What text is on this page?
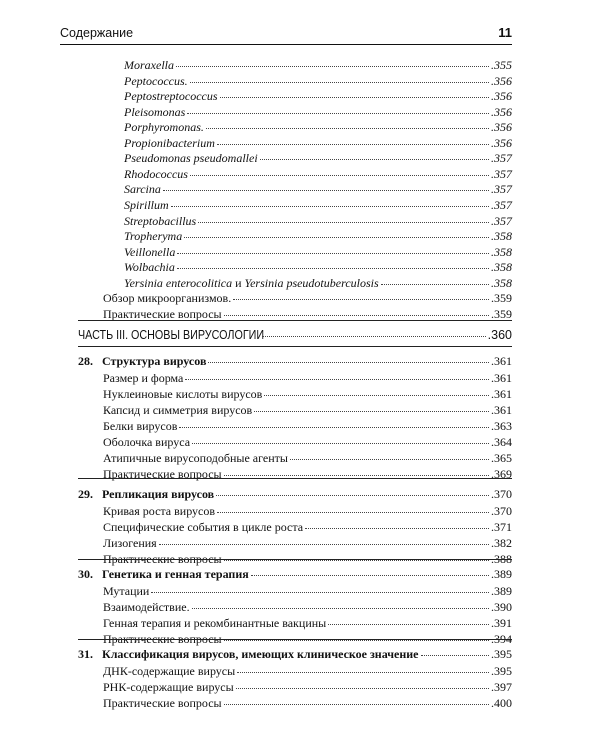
Содержание	11
Moraxella	.355
Peptococcus.	.356
Peptostreptococcus	.356
Pleisomonas	.356
Porphyromonas.	.356
Propionibacterium	.356
Pseudomonas pseudomallei	.357
Rhodococcus	.357
Sarcina	.357
Spirillum	.357
Streptobacillus	.357
Tropheryma	.358
Veillonella	.358
Wolbachia	.358
Yersinia enterocolitica и Yersinia pseudotuberculosis	.358
Обзор микроорганизмов.	.359
Практические вопросы	.359
ЧАСТЬ III. ОСНОВЫ ВИРУСОЛОГИИ	.360
28. Структура вирусов	.361
Размер и форма	.361
Нуклеиновые кислоты вирусов	.361
Капсид и симметрия вирусов	.361
Белки вирусов	.363
Оболочка вируса	.364
Атипичные вирусоподобные агенты	.365
Практические вопросы	.369
29. Репликация вирусов	.370
Кривая роста вирусов	.370
Специфические события в цикле роста	.371
Лизогения	.382
Практические вопросы	.388
30. Генетика и генная терапия	.389
Мутации	.389
Взаимодействие.	.390
Генная терапия и рекомбинантные вакцины	.391
Практические вопросы	.394
31. Классификация вирусов, имеющих клиническое значение	.395
ДНК-содержащие вирусы	.395
РНК-содержащие вирусы	.397
Практические вопросы	.400
